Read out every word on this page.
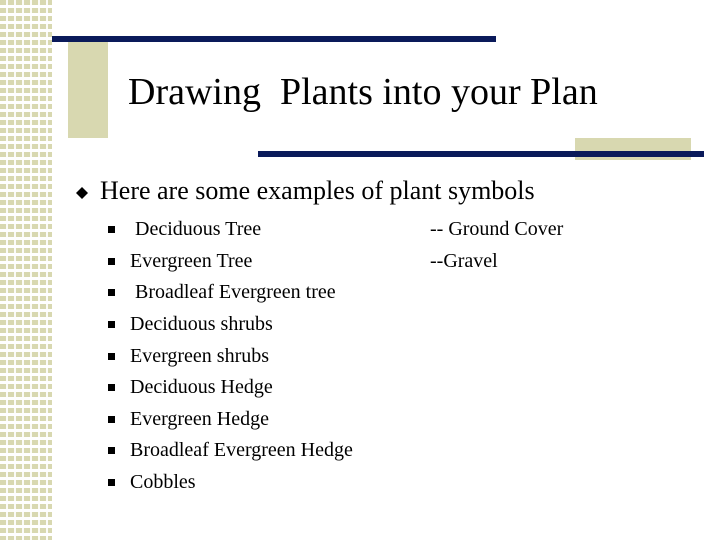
Drawing  Plants into your Plan
Here are some examples of plant symbols
Deciduous Tree
Evergreen Tree
Broadleaf Evergreen tree
Deciduous shrubs
Evergreen shrubs
Deciduous Hedge
Evergreen Hedge
Broadleaf Evergreen Hedge
Cobbles
-- Ground Cover
--Gravel
